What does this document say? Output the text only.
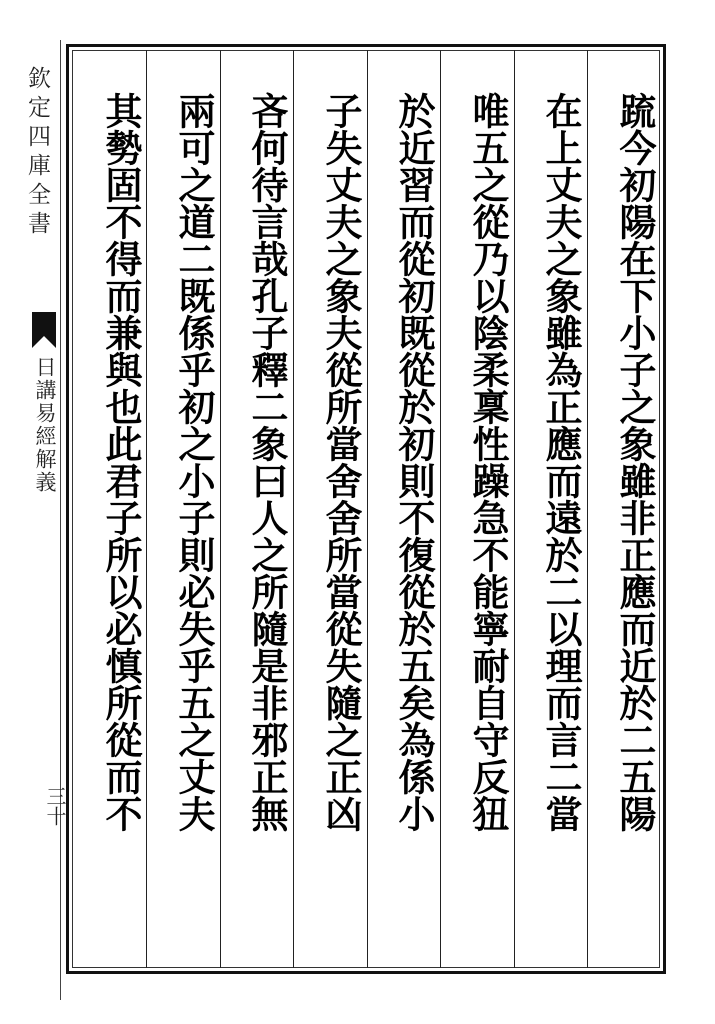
欽定四庫全書
日講易經解義
三十	䟽今初陽在下小子之象雖非正應而近於二五陽
在上丈夫之象雖為正應而遠於二以理而言二當
唯五之從乃以陰柔稟性躁急不能寧耐自守反狃
於近習而從初既從於初則不復從於五矣為係小
子失丈夫之象夫從所當舍舍所當從失隨之正凶
吝何待言哉孔子釋二象曰人之所隨是非邪正無
兩可之道二既係乎初之小子則必失乎五之丈夫
其勢固不得而兼與也此君子所以必慎所從而不
